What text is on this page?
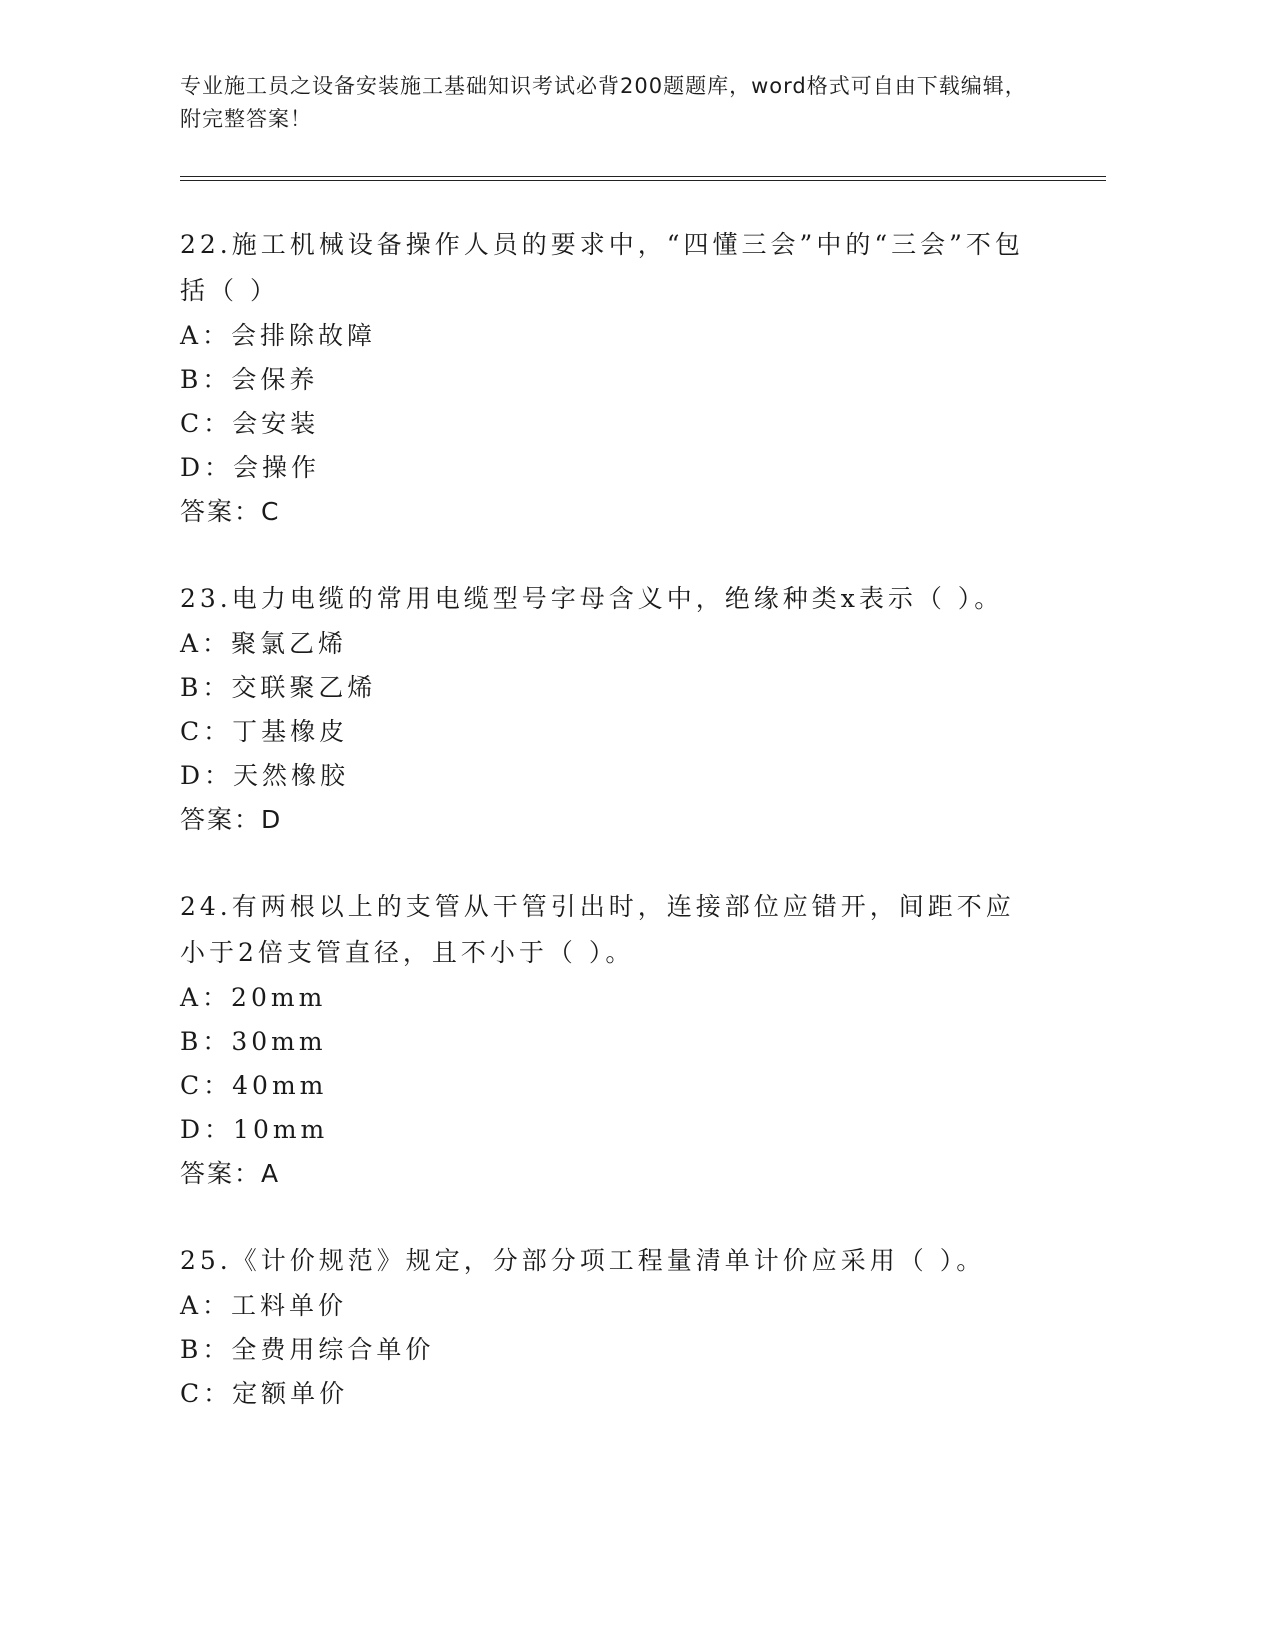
专业施工员之设备安装施工基础知识考试必背200题题库，word格式可自由下载编辑，附完整答案！
22.施工机械设备操作人员的要求中，“四懂三会”中的“三会”不包括（ ）
A：会排除故障
B：会保养
C：会安装
D：会操作
答案：C
23.电力电缆的常用电缆型号字母含义中，绝缘种类x表示（ ）。
A：聚氯乙烯
B：交联聚乙烯
C：丁基橡皮
D：天然橡胶
答案：D
24.有两根以上的支管从干管引出时，连接部位应错开，间距不应小于2倍支管直径，且不小于（ ）。
A：20mm
B：30mm
C：40mm
D：10mm
答案：A
25.《计价规范》规定，分部分项工程量清单计价应采用（ ）。
A：工料单价
B：全费用综合单价
C：定额单价
